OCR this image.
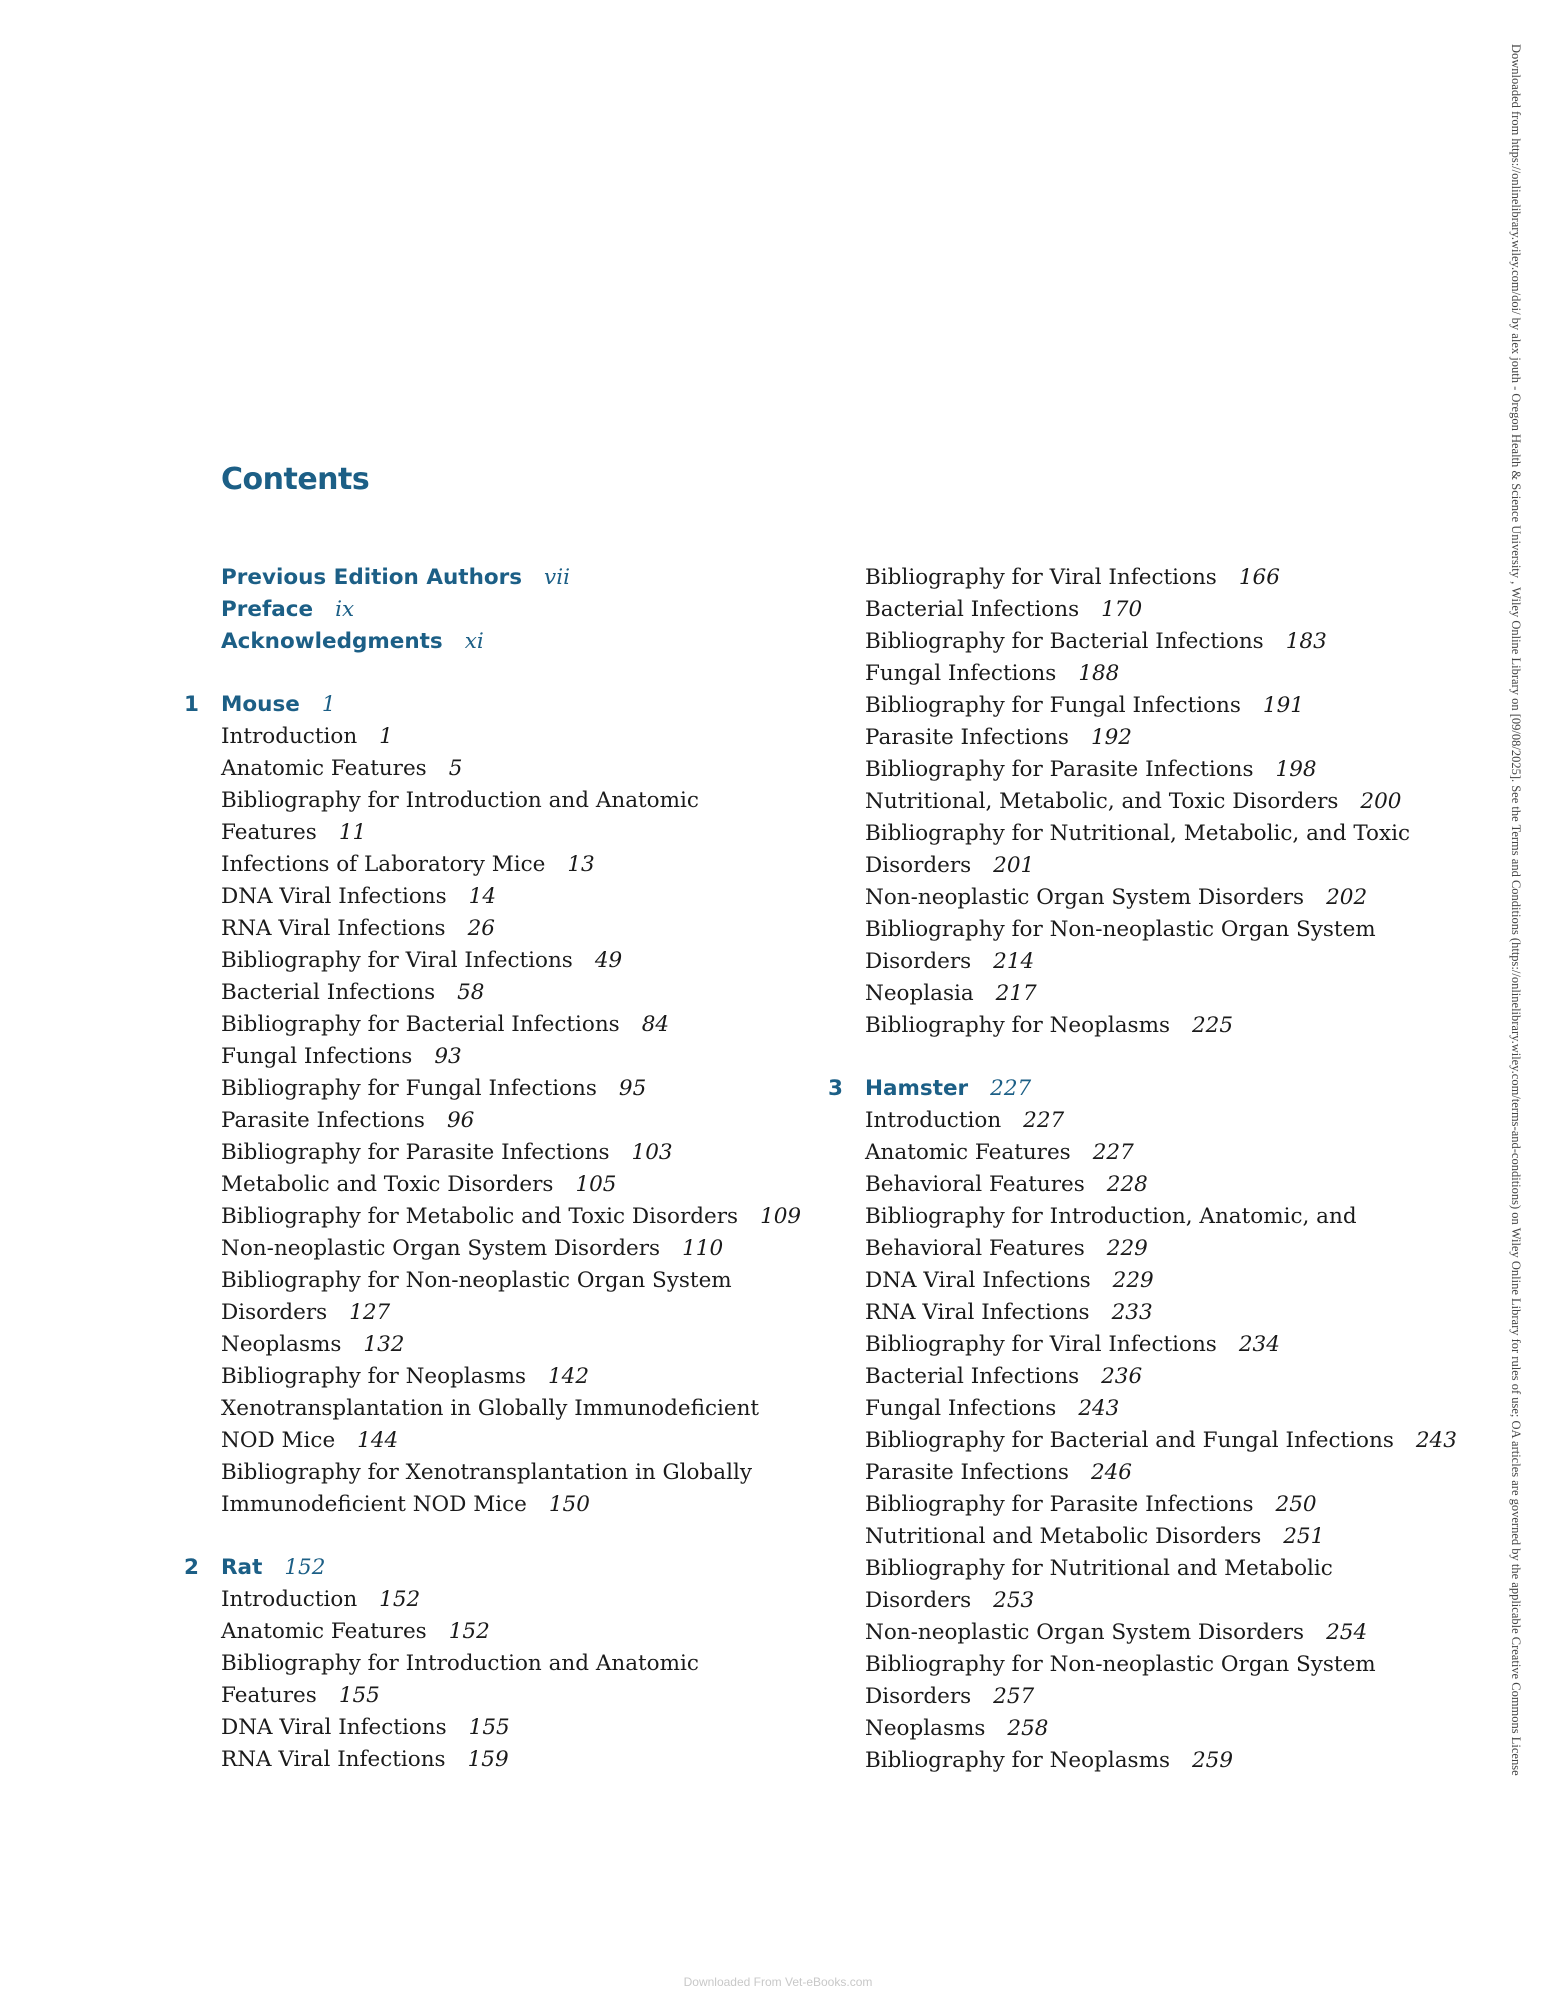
Contents
Previous Edition Authors vii
Preface ix
Acknowledgments xi
1 Mouse 1
Introduction 1
Anatomic Features 5
Bibliography for Introduction and Anatomic
Features 11
Infections of Laboratory Mice 13
DNA Viral Infections 14
RNA Viral Infections 26
Bibliography for Viral Infections 49
Bacterial Infections 58
Bibliography for Bacterial Infections 84
Fungal Infections 93
Bibliography for Fungal Infections 95
Parasite Infections 96
Bibliography for Parasite Infections 103
Metabolic and Toxic Disorders 105
Bibliography for Metabolic and Toxic Disorders 109
Non-neoplastic Organ System Disorders 110
Bibliography for Non-neoplastic Organ System
Disorders 127
Neoplasms 132
Bibliography for Neoplasms 142
Xenotransplantation in Globally Immunodeficient
NOD Mice 144
Bibliography for Xenotransplantation in Globally
Immunodeficient NOD Mice 150
2 Rat 152
Introduction 152
Anatomic Features 152
Bibliography for Introduction and Anatomic
Features 155
DNA Viral Infections 155
RNA Viral Infections 159
Bibliography for Viral Infections 166
Bacterial Infections 170
Bibliography for Bacterial Infections 183
Fungal Infections 188
Bibliography for Fungal Infections 191
Parasite Infections 192
Bibliography for Parasite Infections 198
Nutritional, Metabolic, and Toxic Disorders 200
Bibliography for Nutritional, Metabolic, and Toxic
Disorders 201
Non-neoplastic Organ System Disorders 202
Bibliography for Non-neoplastic Organ System
Disorders 214
Neoplasia 217
Bibliography for Neoplasms 225
3 Hamster 227
Introduction 227
Anatomic Features 227
Behavioral Features 228
Bibliography for Introduction, Anatomic, and
Behavioral Features 229
DNA Viral Infections 229
RNA Viral Infections 233
Bibliography for Viral Infections 234
Bacterial Infections 236
Fungal Infections 243
Bibliography for Bacterial and Fungal Infections 243
Parasite Infections 246
Bibliography for Parasite Infections 250
Nutritional and Metabolic Disorders 251
Bibliography for Nutritional and Metabolic
Disorders 253
Non-neoplastic Organ System Disorders 254
Bibliography for Non-neoplastic Organ System
Disorders 257
Neoplasms 258
Bibliography for Neoplasms 259	Downloaded from https://onlinelibrary.wiley.com/doi/ by alex jouth - Oregon Health & Science University , Wiley Online Library on [09/08/2025]. See the Terms and Conditions (https://onlinelibrary.wiley.com/terms-and-conditions) on Wiley Online Library for rules of use; OA articles are governed by the applicable Creative Commons License
Downloaded From Vet-eBooks.com
